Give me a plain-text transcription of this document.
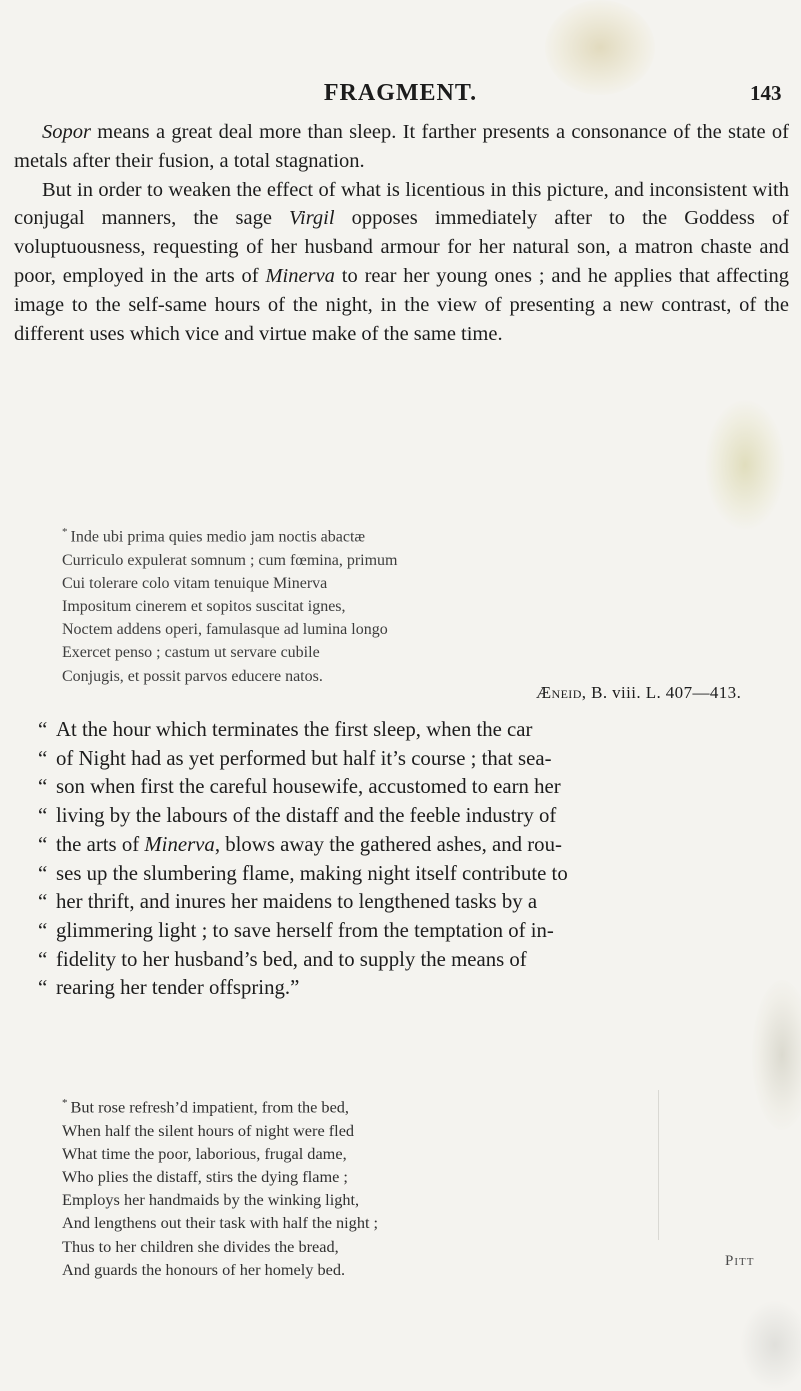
FRAGMENT.	143

Sopor means a great deal more than sleep. It farther presents a consonance of the state of metals after their fusion, a total stagnation.

But in order to weaken the effect of what is licentious in this picture, and inconsistent with conjugal manners, the sage Virgil opposes immediately after to the Goddess of voluptuousness, requesting of her husband armour for her natural son, a matron chaste and poor, employed in the arts of Minerva to rear her young ones ; and he applies that affecting image to the self-same hours of the night, in the view of presenting a new contrast, of the different uses which vice and virtue make of the same time.

* Inde ubi prima quies medio jam noctis abactæ
Curriculo expulerat somnum ; cum fœmina, primum
Cui tolerare colo vitam tenuique Minerva
Impositum cinerem et sopitos suscitat ignes,
Noctem addens operi, famulasque ad lumina longo
Exercet penso ; castum ut servare cubile
Conjugis, et possit parvos educere natos.
Æneid, B. viii. L. 407—413.
“ At the hour which terminates the first sleep, when the car
“ of Night had as yet performed but half it’s course ; that sea-
“ son when first the careful housewife, accustomed to earn her
“ living by the labours of the distaff and the feeble industry of
“ the arts of Minerva, blows away the gathered ashes, and rou-
“ ses up the slumbering flame, making night itself contribute to
“ her thrift, and inures her maidens to lengthened tasks by a
“ glimmering light ; to save herself from the temptation of in-
“ fidelity to her husband’s bed, and to supply the means of
“ rearing her tender offspring.”
* But rose refresh’d impatient, from the bed,
When half the silent hours of night were fled
What time the poor, laborious, frugal dame,
Who plies the distaff, stirs the dying flame ;
Employs her handmaids by the winking light,
And lengthens out their task with half the night ;
Thus to her children she divides the bread,
And guards the honours of her homely bed.	Pitt
